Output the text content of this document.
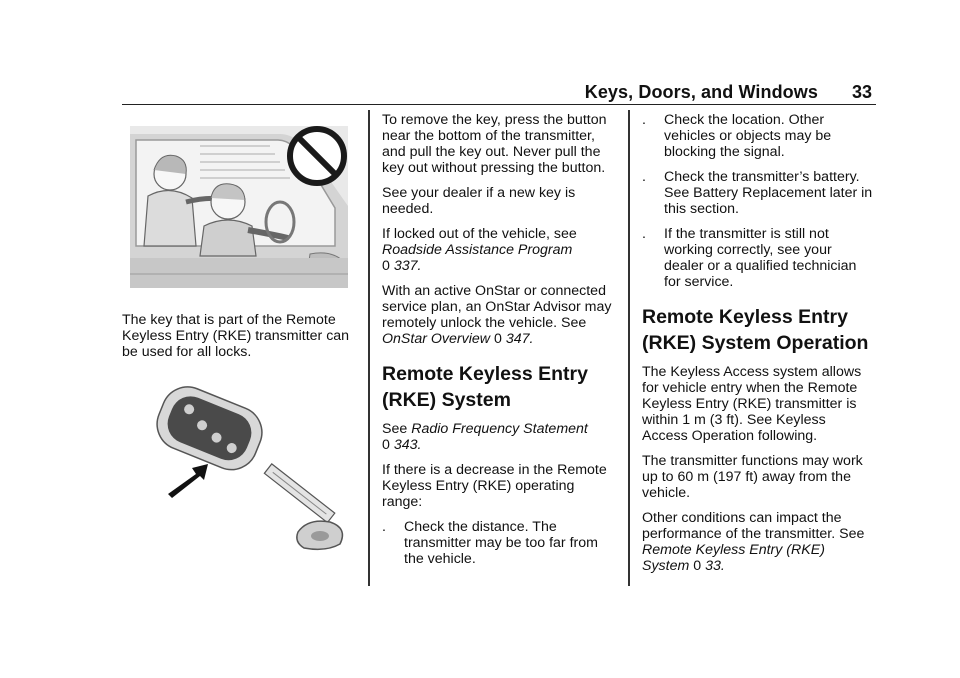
Keys, Doors, and Windows 33

The key that is part of the Remote Keyless Entry (RKE) transmitter can be used for all locks.

To remove the key, press the button near the bottom of the transmitter, and pull the key out. Never pull the key out without pressing the button.

See your dealer if a new key is needed.

If locked out of the vehicle, see
Roadside Assistance Program
0 337.

With an active OnStar or connected service plan, an OnStar Advisor may remotely unlock the vehicle. See OnStar Overview 0 347.

Remote Keyless Entry (RKE) System

See Radio Frequency Statement
0 343.

If there is a decrease in the Remote Keyless Entry (RKE) operating range:

. Check the distance. The transmitter may be too far from the vehicle.
. Check the location. Other vehicles or objects may be blocking the signal.
. Check the transmitter’s battery. See Battery Replacement later in this section.
. If the transmitter is still not working correctly, see your dealer or a qualified technician for service.
Remote Keyless Entry (RKE) System Operation

The Keyless Access system allows for vehicle entry when the Remote Keyless Entry (RKE) transmitter is within 1 m (3 ft). See Keyless Access Operation following.

The transmitter functions may work up to 60 m (197 ft) away from the vehicle.

Other conditions can impact the performance of the transmitter. See
Remote Keyless Entry (RKE) System 0 33.
